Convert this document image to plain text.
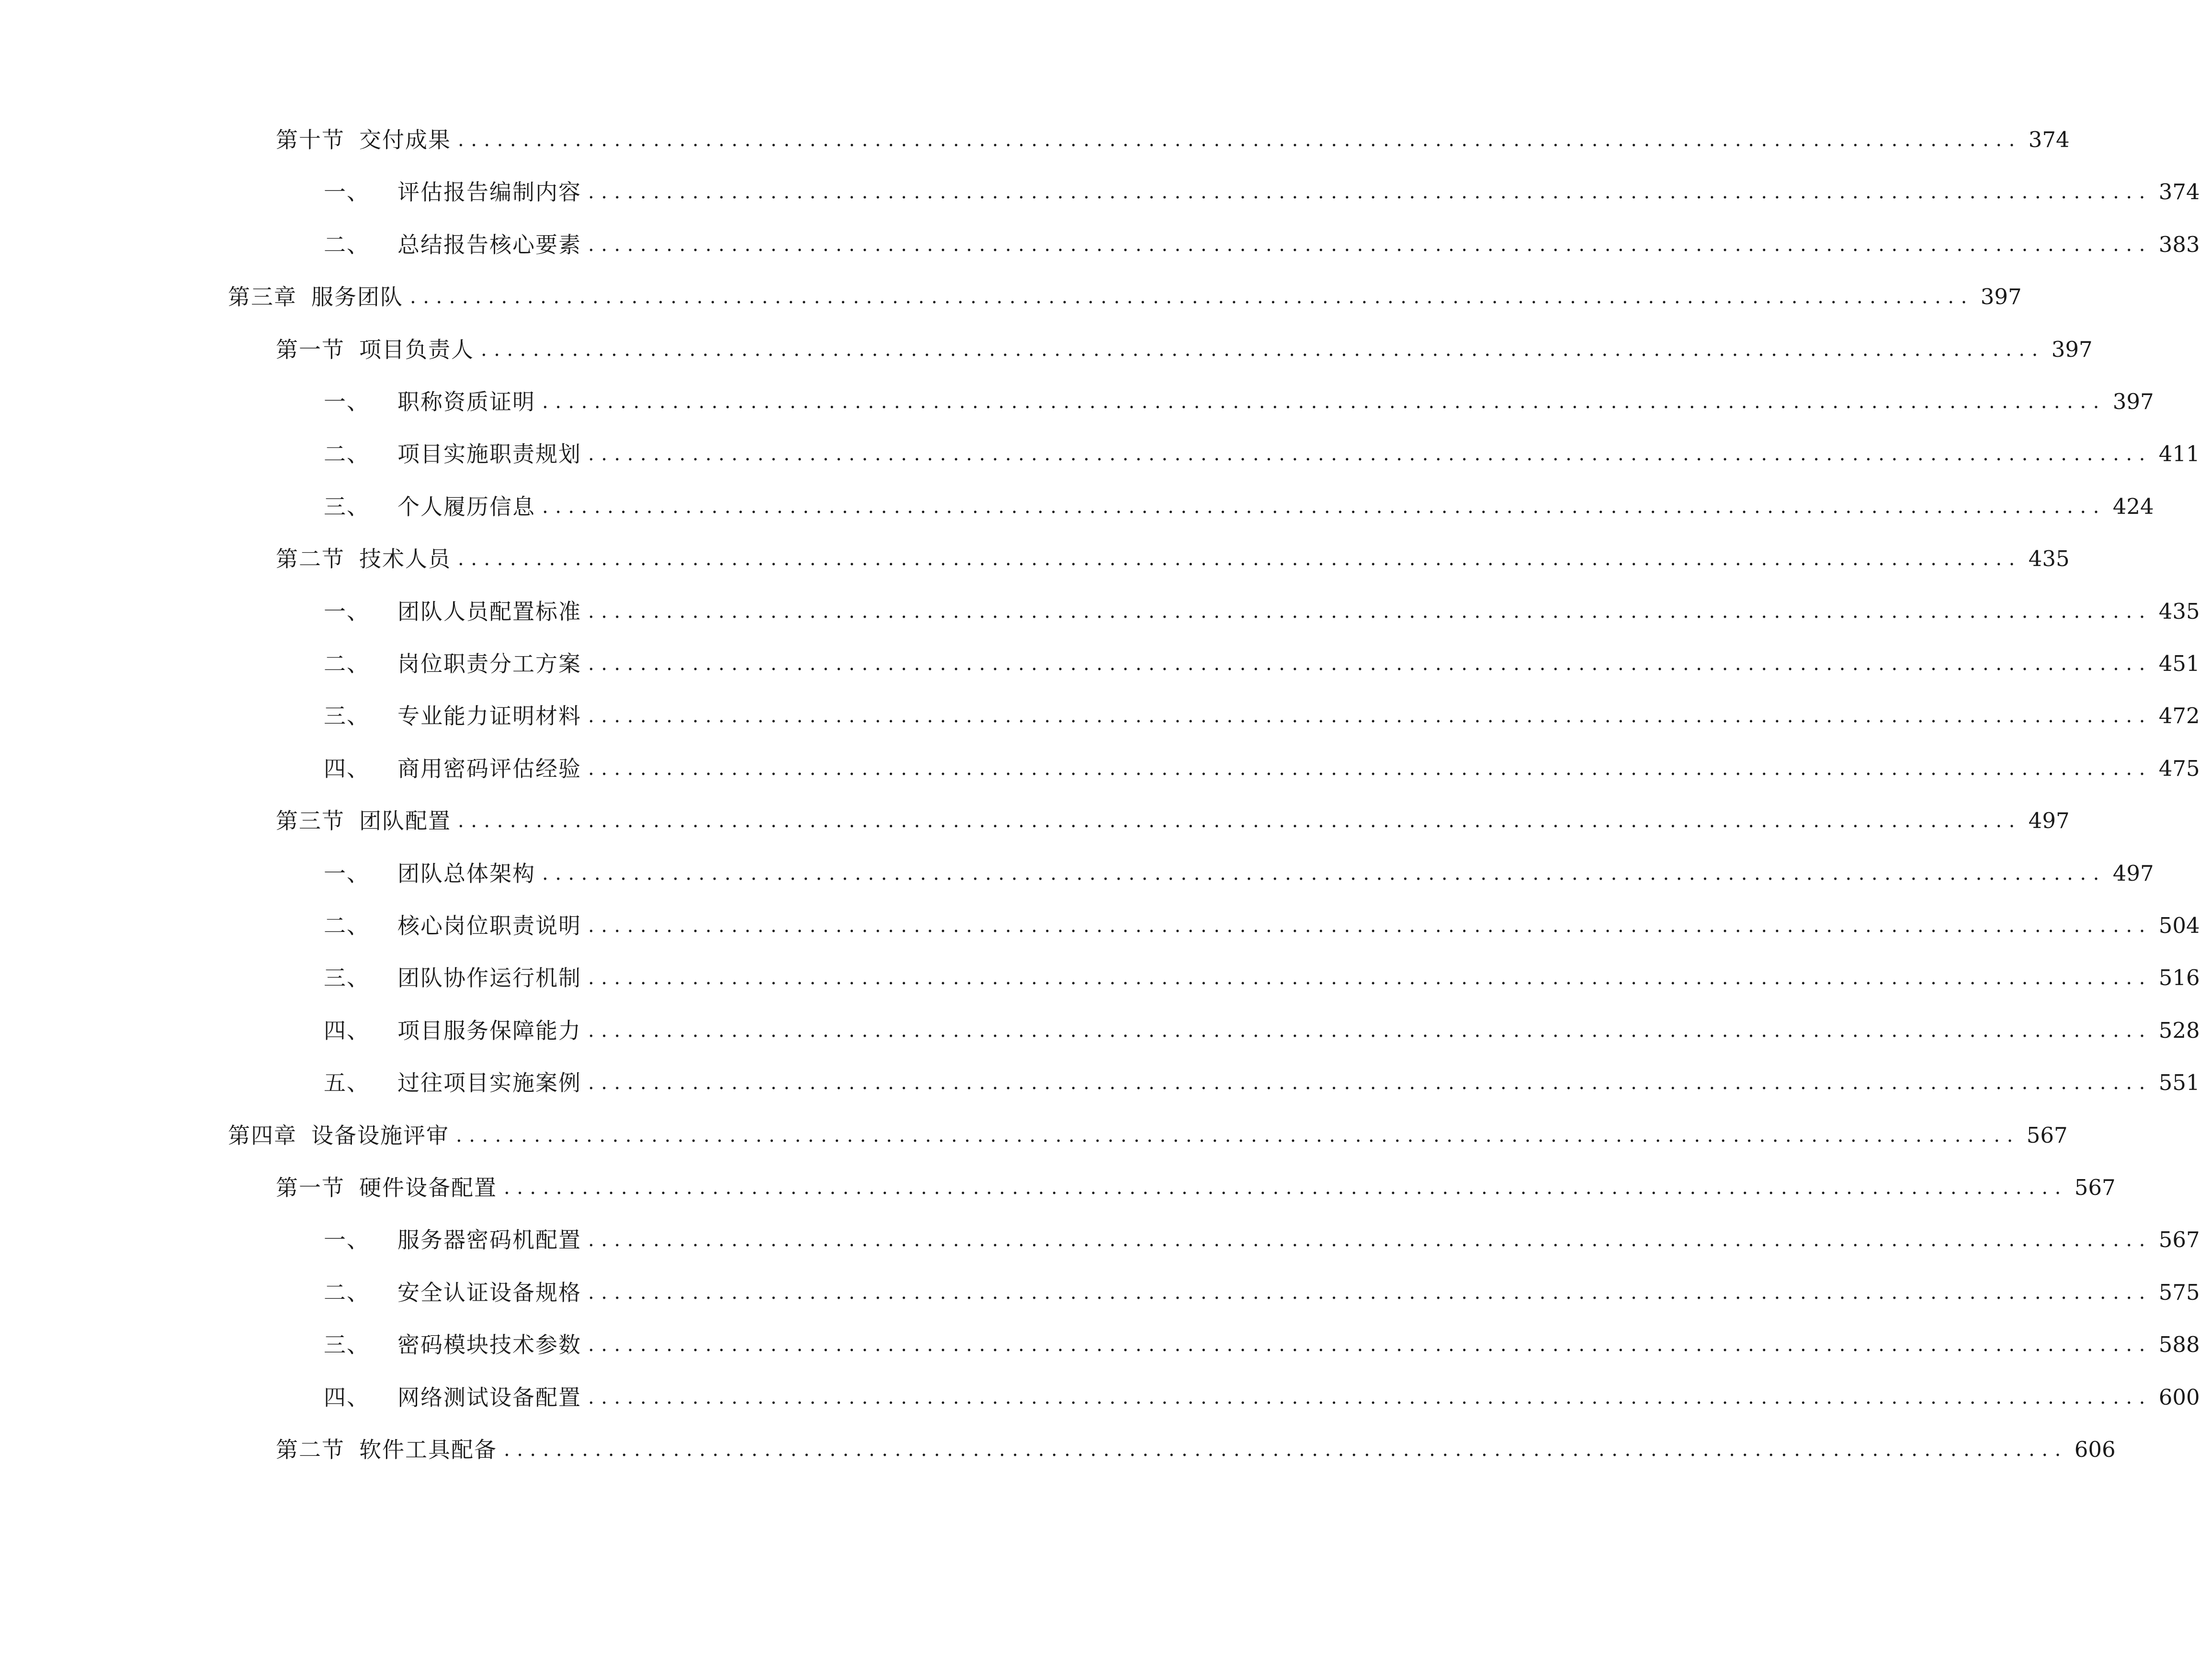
第十节 交付成果 ........................................................................................................................ 374
一、 评估报告编制内容 ........................................................................................................................ 374
二、 总结报告核心要素 ........................................................................................................................ 383
第三章 服务团队 ........................................................................................................................ 397
第一节 项目负责人 ........................................................................................................................ 397
一、 职称资质证明 ........................................................................................................................ 397
二、 项目实施职责规划 ........................................................................................................................ 411
三、 个人履历信息 ........................................................................................................................ 424
第二节 技术人员 ........................................................................................................................ 435
一、 团队人员配置标准 ........................................................................................................................ 435
二、 岗位职责分工方案 ........................................................................................................................ 451
三、 专业能力证明材料 ........................................................................................................................ 472
四、 商用密码评估经验 ........................................................................................................................ 475
第三节 团队配置 ........................................................................................................................ 497
一、 团队总体架构 ........................................................................................................................ 497
二、 核心岗位职责说明 ........................................................................................................................ 504
三、 团队协作运行机制 ........................................................................................................................ 516
四、 项目服务保障能力 ........................................................................................................................ 528
五、 过往项目实施案例 ........................................................................................................................ 551
第四章 设备设施评审 ........................................................................................................................ 567
第一节 硬件设备配置 ........................................................................................................................ 567
一、 服务器密码机配置 ........................................................................................................................ 567
二、 安全认证设备规格 ........................................................................................................................ 575
三、 密码模块技术参数 ........................................................................................................................ 588
四、 网络测试设备配置 ........................................................................................................................ 600
第二节 软件工具配备 ........................................................................................................................ 606
